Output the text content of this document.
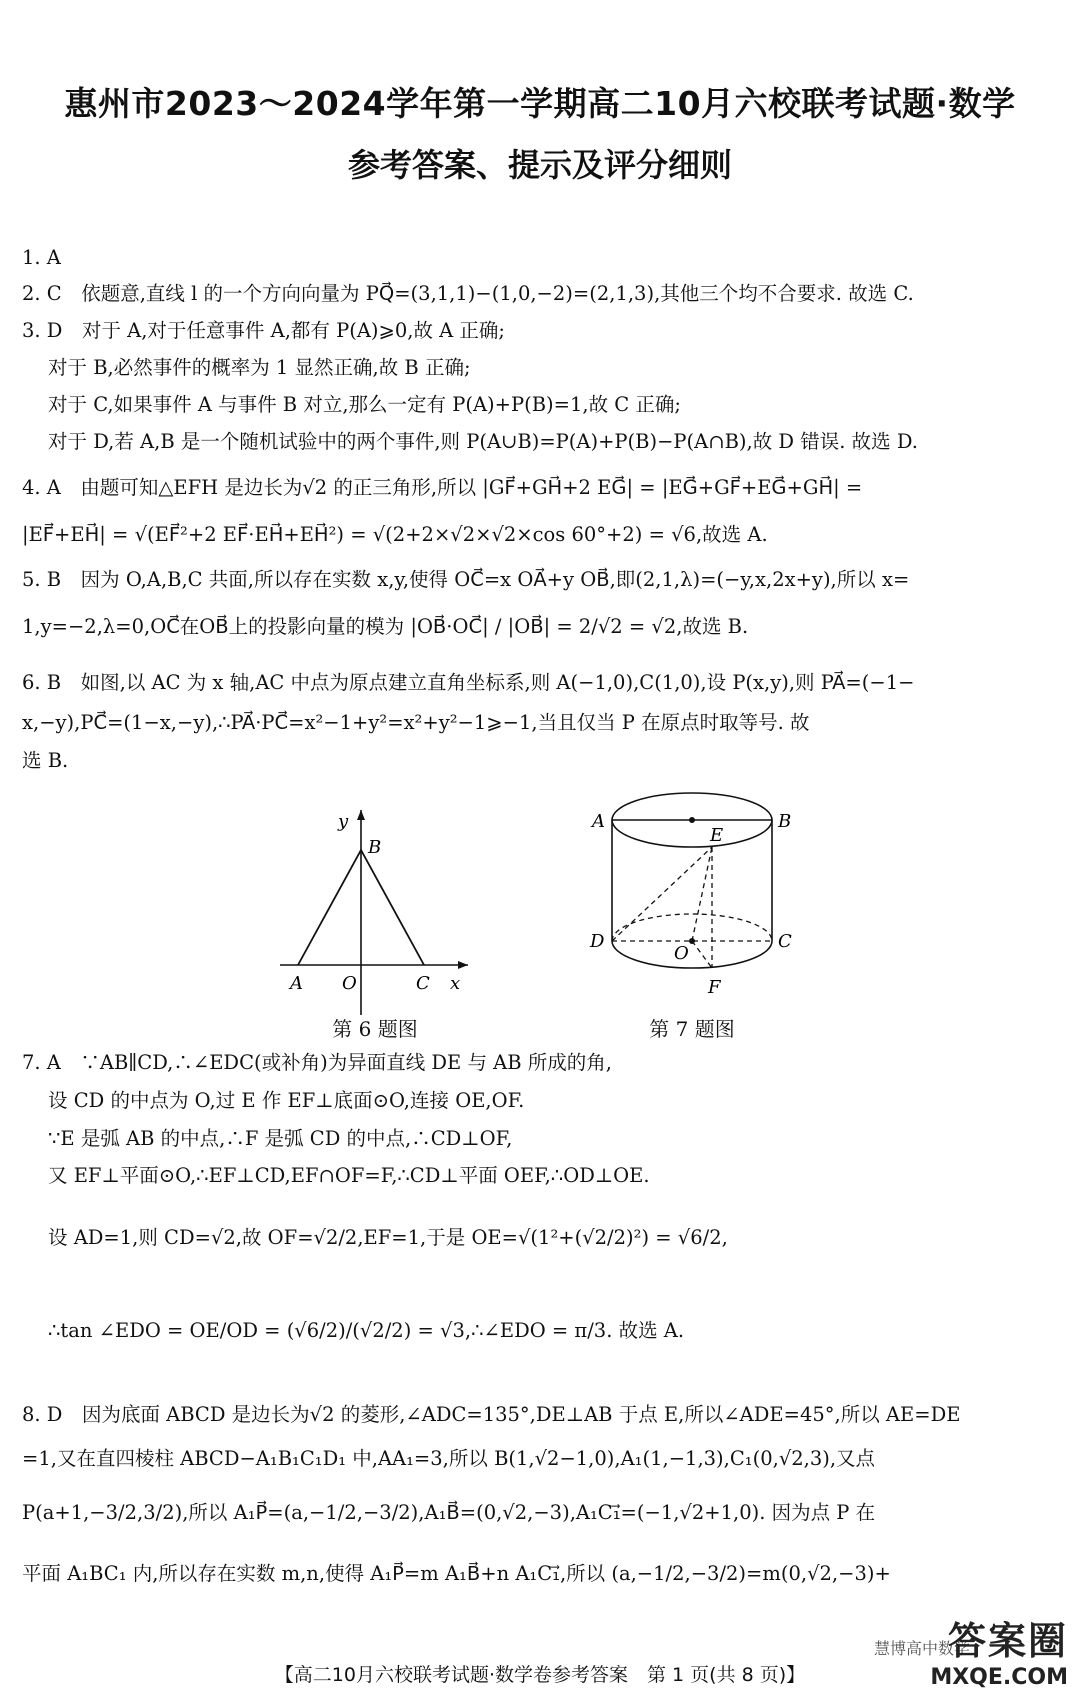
惠州市2023～2024学年第一学期高二10月六校联考试题·数学
参考答案、提示及评分细则
1. A
2. C　依题意,直线 l 的一个方向向量为 PQ⃗=(3,1,1)−(1,0,−2)=(2,1,3),其他三个均不合要求. 故选 C.
3. D　对于 A,对于任意事件 A,都有 P(A)⩾0,故 A 正确;
对于 B,必然事件的概率为 1 显然正确,故 B 正确;
对于 C,如果事件 A 与事件 B 对立,那么一定有 P(A)+P(B)=1,故 C 正确;
对于 D,若 A,B 是一个随机试验中的两个事件,则 P(A∪B)=P(A)+P(B)−P(A∩B),故 D 错误. 故选 D.
4. A　由题可知△EFH 是边长为√2 的正三角形,所以 |GF⃗+GH⃗+2 EG⃗| = |EG⃗+GF⃗+EG⃗+GH⃗| =
|EF⃗+EH⃗| = √(EF⃗²+2 EF⃗·EH⃗+EH⃗²) = √(2+2×√2×√2×cos 60°+2) = √6,故选 A.
5. B　因为 O,A,B,C 共面,所以存在实数 x,y,使得 OC⃗=x OA⃗+y OB⃗,即(2,1,λ)=(−y,x,2x+y),所以 x=
1,y=−2,λ=0,OC⃗在OB⃗上的投影向量的模为 |OB⃗·OC⃗| / |OB⃗| = 2/√2 = √2,故选 B.
6. B　如图,以 AC 为 x 轴,AC 中点为原点建立直角坐标系,则 A(−1,0),C(1,0),设 P(x,y),则 PA⃗=(−1−
x,−y),PC⃗=(1−x,−y),∴PA⃗·PC⃗=x²−1+y²=x²+y²−1⩾−1,当且仅当 P 在原点时取等号. 故
选 B.
y
B
A O	C x
第 6 题图
A	B
E
D	C
O
F
第 7 题图
7. A　∵AB∥CD,∴∠EDC(或补角)为异面直线 DE 与 AB 所成的角,
设 CD 的中点为 O,过 E 作 EF⊥底面⊙O,连接 OE,OF.
∵E 是弧 AB 的中点,∴F 是弧 CD 的中点,∴CD⊥OF,
又 EF⊥平面⊙O,∴EF⊥CD,EF∩OF=F,∴CD⊥平面 OEF,∴OD⊥OE.
设 AD=1,则 CD=√2,故 OF=√2/2,EF=1,于是 OE=√(1²+(√2/2)²) = √6/2,
∴tan ∠EDO = OE/OD = (√6/2)/(√2/2) = √3,∴∠EDO = π/3. 故选 A.
8. D　因为底面 ABCD 是边长为√2 的菱形,∠ADC=135°,DE⊥AB 于点 E,所以∠ADE=45°,所以 AE=DE
=1,又在直四棱柱 ABCD−A₁B₁C₁D₁ 中,AA₁=3,所以 B(1,√2−1,0),A₁(1,−1,3),C₁(0,√2,3),又点
P(a+1,−3/2,3/2),所以 A₁P⃗=(a,−1/2,−3/2),A₁B⃗=(0,√2,−3),A₁C₁⃗=(−1,√2+1,0). 因为点 P 在
平面 A₁BC₁ 内,所以存在实数 m,n,使得 A₁P⃗=m A₁B⃗+n A₁C₁⃗,所以 (a,−1/2,−3/2)=m(0,√2,−3)+
【高二10月六校联考试题·数学卷参考答案　第 1 页(共 8 页)】
慧博高中数学
答案圈
MXQE.COM
